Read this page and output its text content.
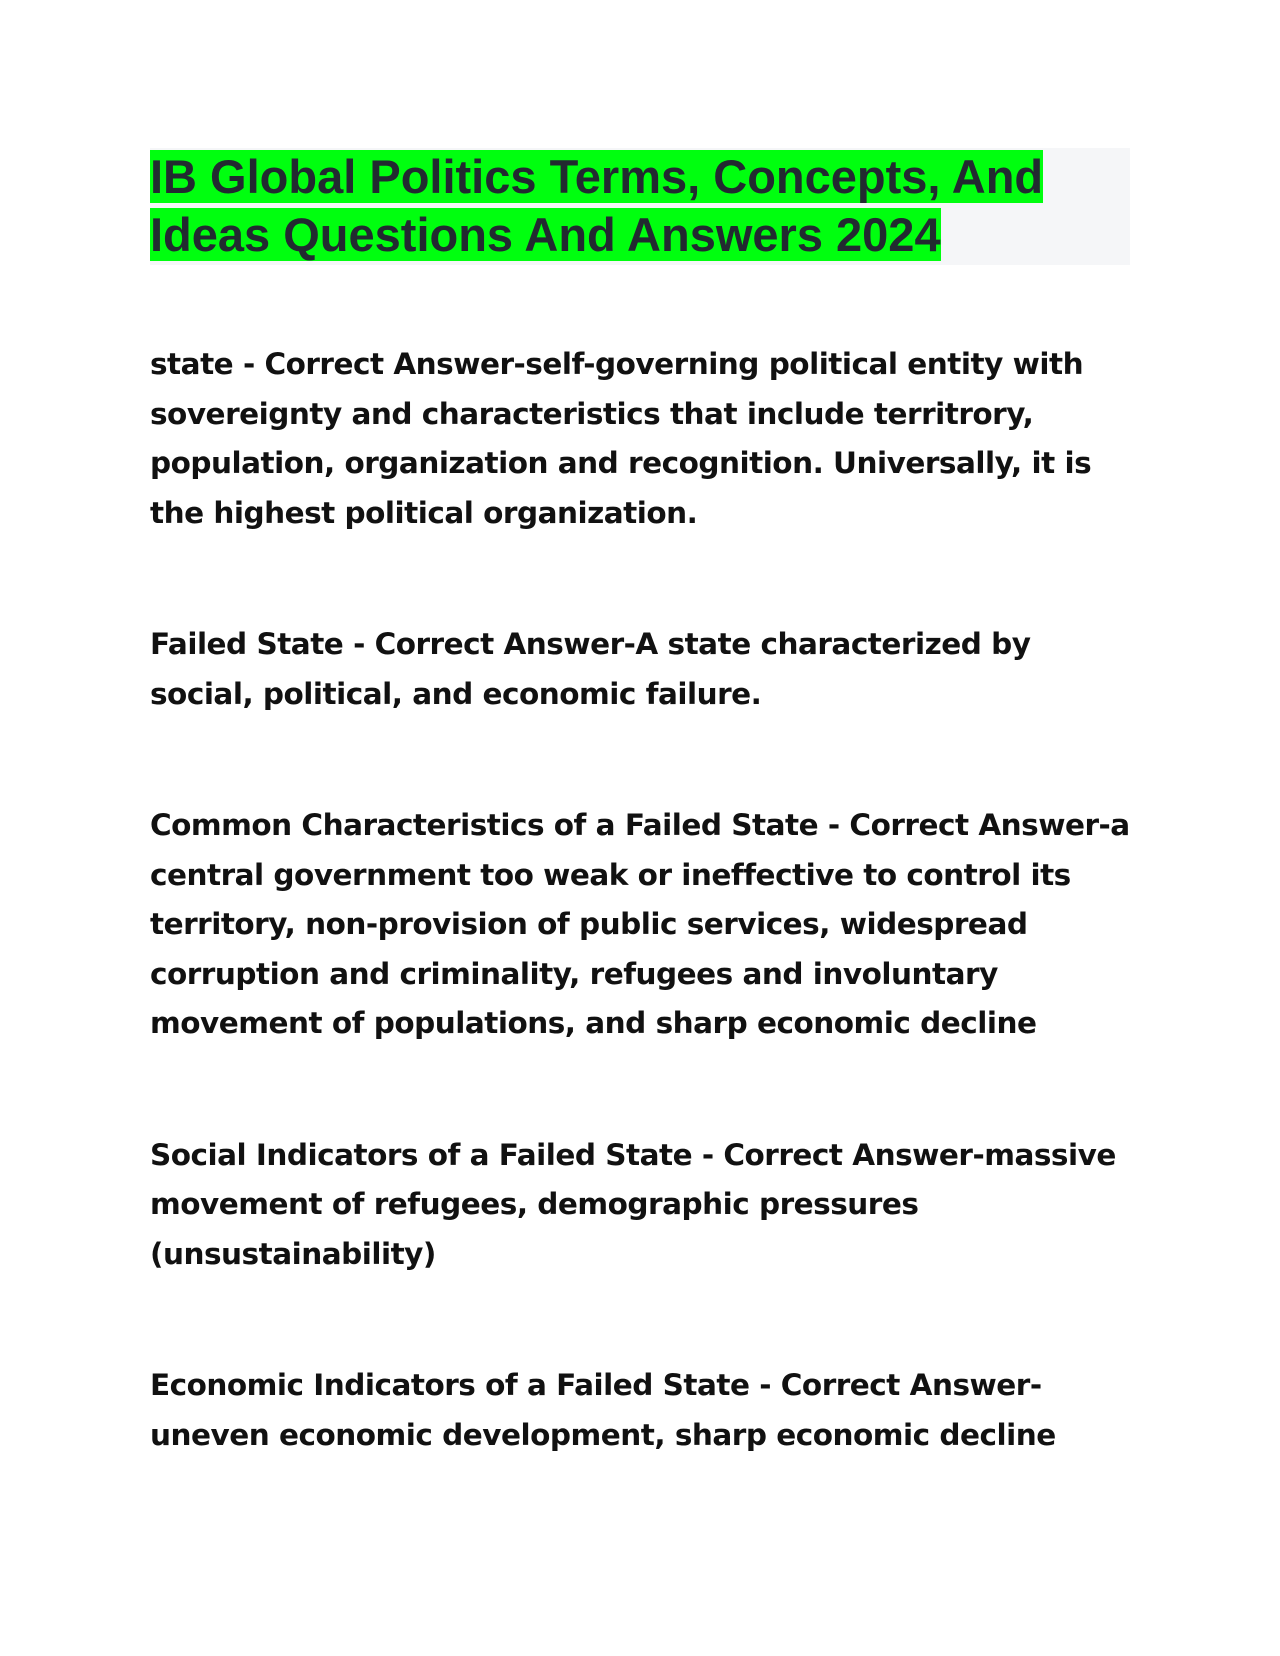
IB Global Politics Terms, Concepts, And Ideas Questions And Answers 2024

state - Correct Answer-self-governing political entity with sovereignty and characteristics that include territrory, population, organization and recognition. Universally, it is the highest political organization.

Failed State - Correct Answer-A state characterized by social, political, and economic failure.

Common Characteristics of a Failed State - Correct Answer-a central government too weak or ineffective to control its territory, non-provision of public services, widespread corruption and criminality, refugees and involuntary movement of populations, and sharp economic decline

Social Indicators of a Failed State - Correct Answer-massive movement of refugees, demographic pressures (unsustainability)

Economic Indicators of a Failed State - Correct Answer-uneven economic development, sharp economic decline
